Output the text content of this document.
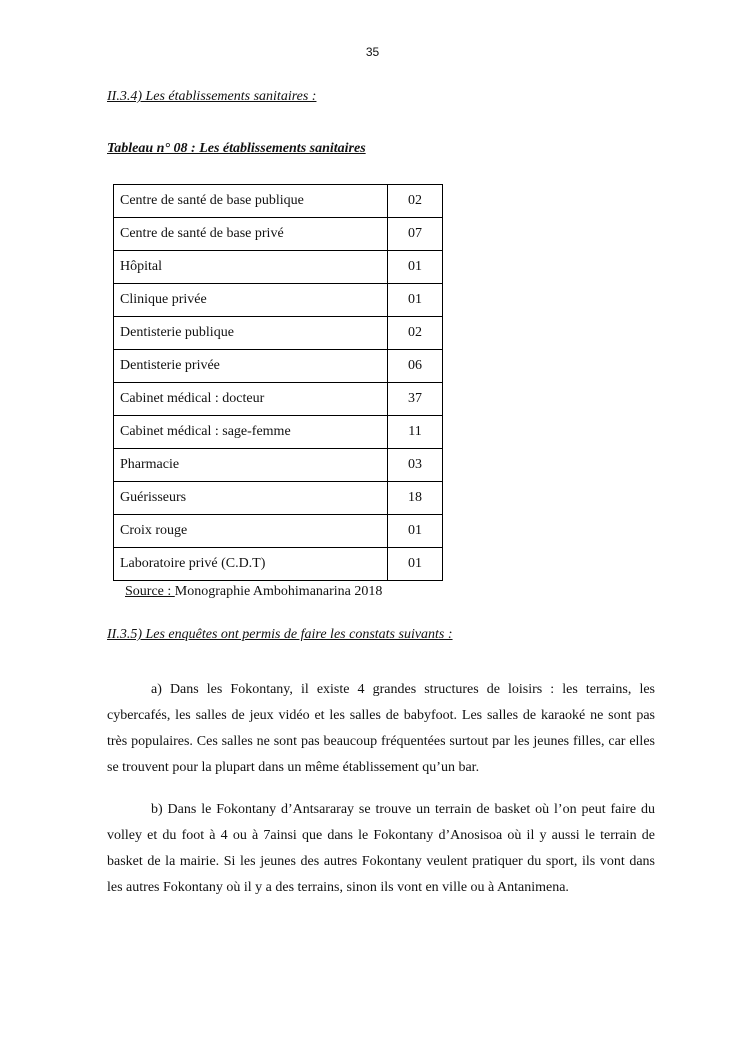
35
II.3.4) Les établissements sanitaires :
Tableau n° 08 : Les établissements sanitaires
Centre de santé de base publique	02
Centre de santé de base privé	07
Hôpital	01
Clinique privée	01
Dentisterie publique	02
Dentisterie privée	06
Cabinet médical : docteur	37
Cabinet médical : sage-femme	11
Pharmacie	03
Guérisseurs	18
Croix rouge	01
Laboratoire privé (C.D.T)	01
Source : Monographie Ambohimanarina 2018
II.3.5) Les enquêtes ont permis de faire les constats suivants :

a) Dans les Fokontany, il existe 4 grandes structures de loisirs : les terrains, les cybercafés, les salles de jeux vidéo et les salles de babyfoot. Les salles de karaoké ne sont pas très populaires. Ces salles ne sont pas beaucoup fréquentées surtout par les jeunes filles, car elles se trouvent pour la plupart dans un même établissement qu’un bar.

b) Dans le Fokontany d’Antsararay se trouve un terrain de basket où l’on peut faire du volley et du foot à 4 ou à 7ainsi que dans le Fokontany d’Anosisoa où il y aussi le terrain de basket de la mairie. Si les jeunes des autres Fokontany veulent pratiquer du sport, ils vont dans les autres Fokontany où il y a des terrains, sinon ils vont en ville ou à Antanimena.
